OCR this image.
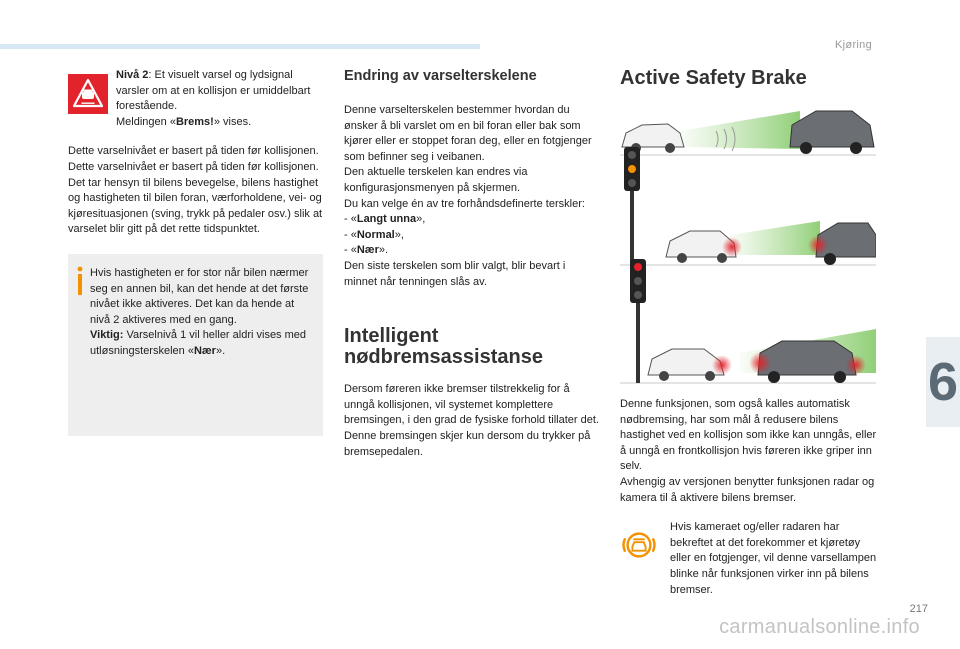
Kjøring
Nivå 2: Et visuelt varsel og lydsignal varsler om at en kollisjon er umiddelbart forestående.
Meldingen «Brems!» vises.

Dette varselnivået er basert på tiden før kollisjonen. Dette varselnivået er basert på tiden før kollisjonen. Det tar hensyn til bilens bevegelse, bilens hastighet og hastigheten til bilen foran, værforholdene, vei- og kjøresituasjonen (sving, trykk på pedaler osv.) slik at varselet blir gitt på det rette tidspunktet.

Hvis hastigheten er for stor når bilen nærmer seg en annen bil, kan det hende at det første nivået ikke aktiveres. Det kan da hende at nivå 2 aktiveres med en gang.
Viktig: Varselnivå 1 vil heller aldri vises med utløsningsterskelen «Nær».
Endring av varselterskelene
Denne varselterskelen bestemmer hvordan du ønsker å bli varslet om en bil foran eller bak som kjører eller er stoppet foran deg, eller en fotgjenger som befinner seg i veibanen.
Den aktuelle terskelen kan endres via konfigurasjonsmenyen på skjermen.
Du kan velge én av tre forhåndsdefinerte terskler:
- «Langt unna»,
- «Normal»,
- «Nær».
Den siste terskelen som blir valgt, blir bevart i minnet når tenningen slås av.
Intelligent
nødbremsassistanse
Dersom føreren ikke bremser tilstrekkelig for å unngå kollisjonen, vil systemet komplettere bremsingen, i den grad de fysiske forhold tillater det.
Denne bremsingen skjer kun dersom du trykker på bremsepedalen.
Active Safety Brake
Denne funksjonen, som også kalles automatisk nødbremsing, har som mål å redusere bilens hastighet ved en kollisjon som ikke kan unngås, eller å unngå en frontkollisjon hvis føreren ikke griper inn selv.
Avhengig av versjonen benytter funksjonen radar og kamera til å aktivere bilens bremser.
Hvis kameraet og/eller radaren har bekreftet at det forekommer et kjøretøy eller en fotgjenger, vil denne varsellampen blinke når funksjonen virker inn på bilens bremser.
6
217
carmanualsonline.info
